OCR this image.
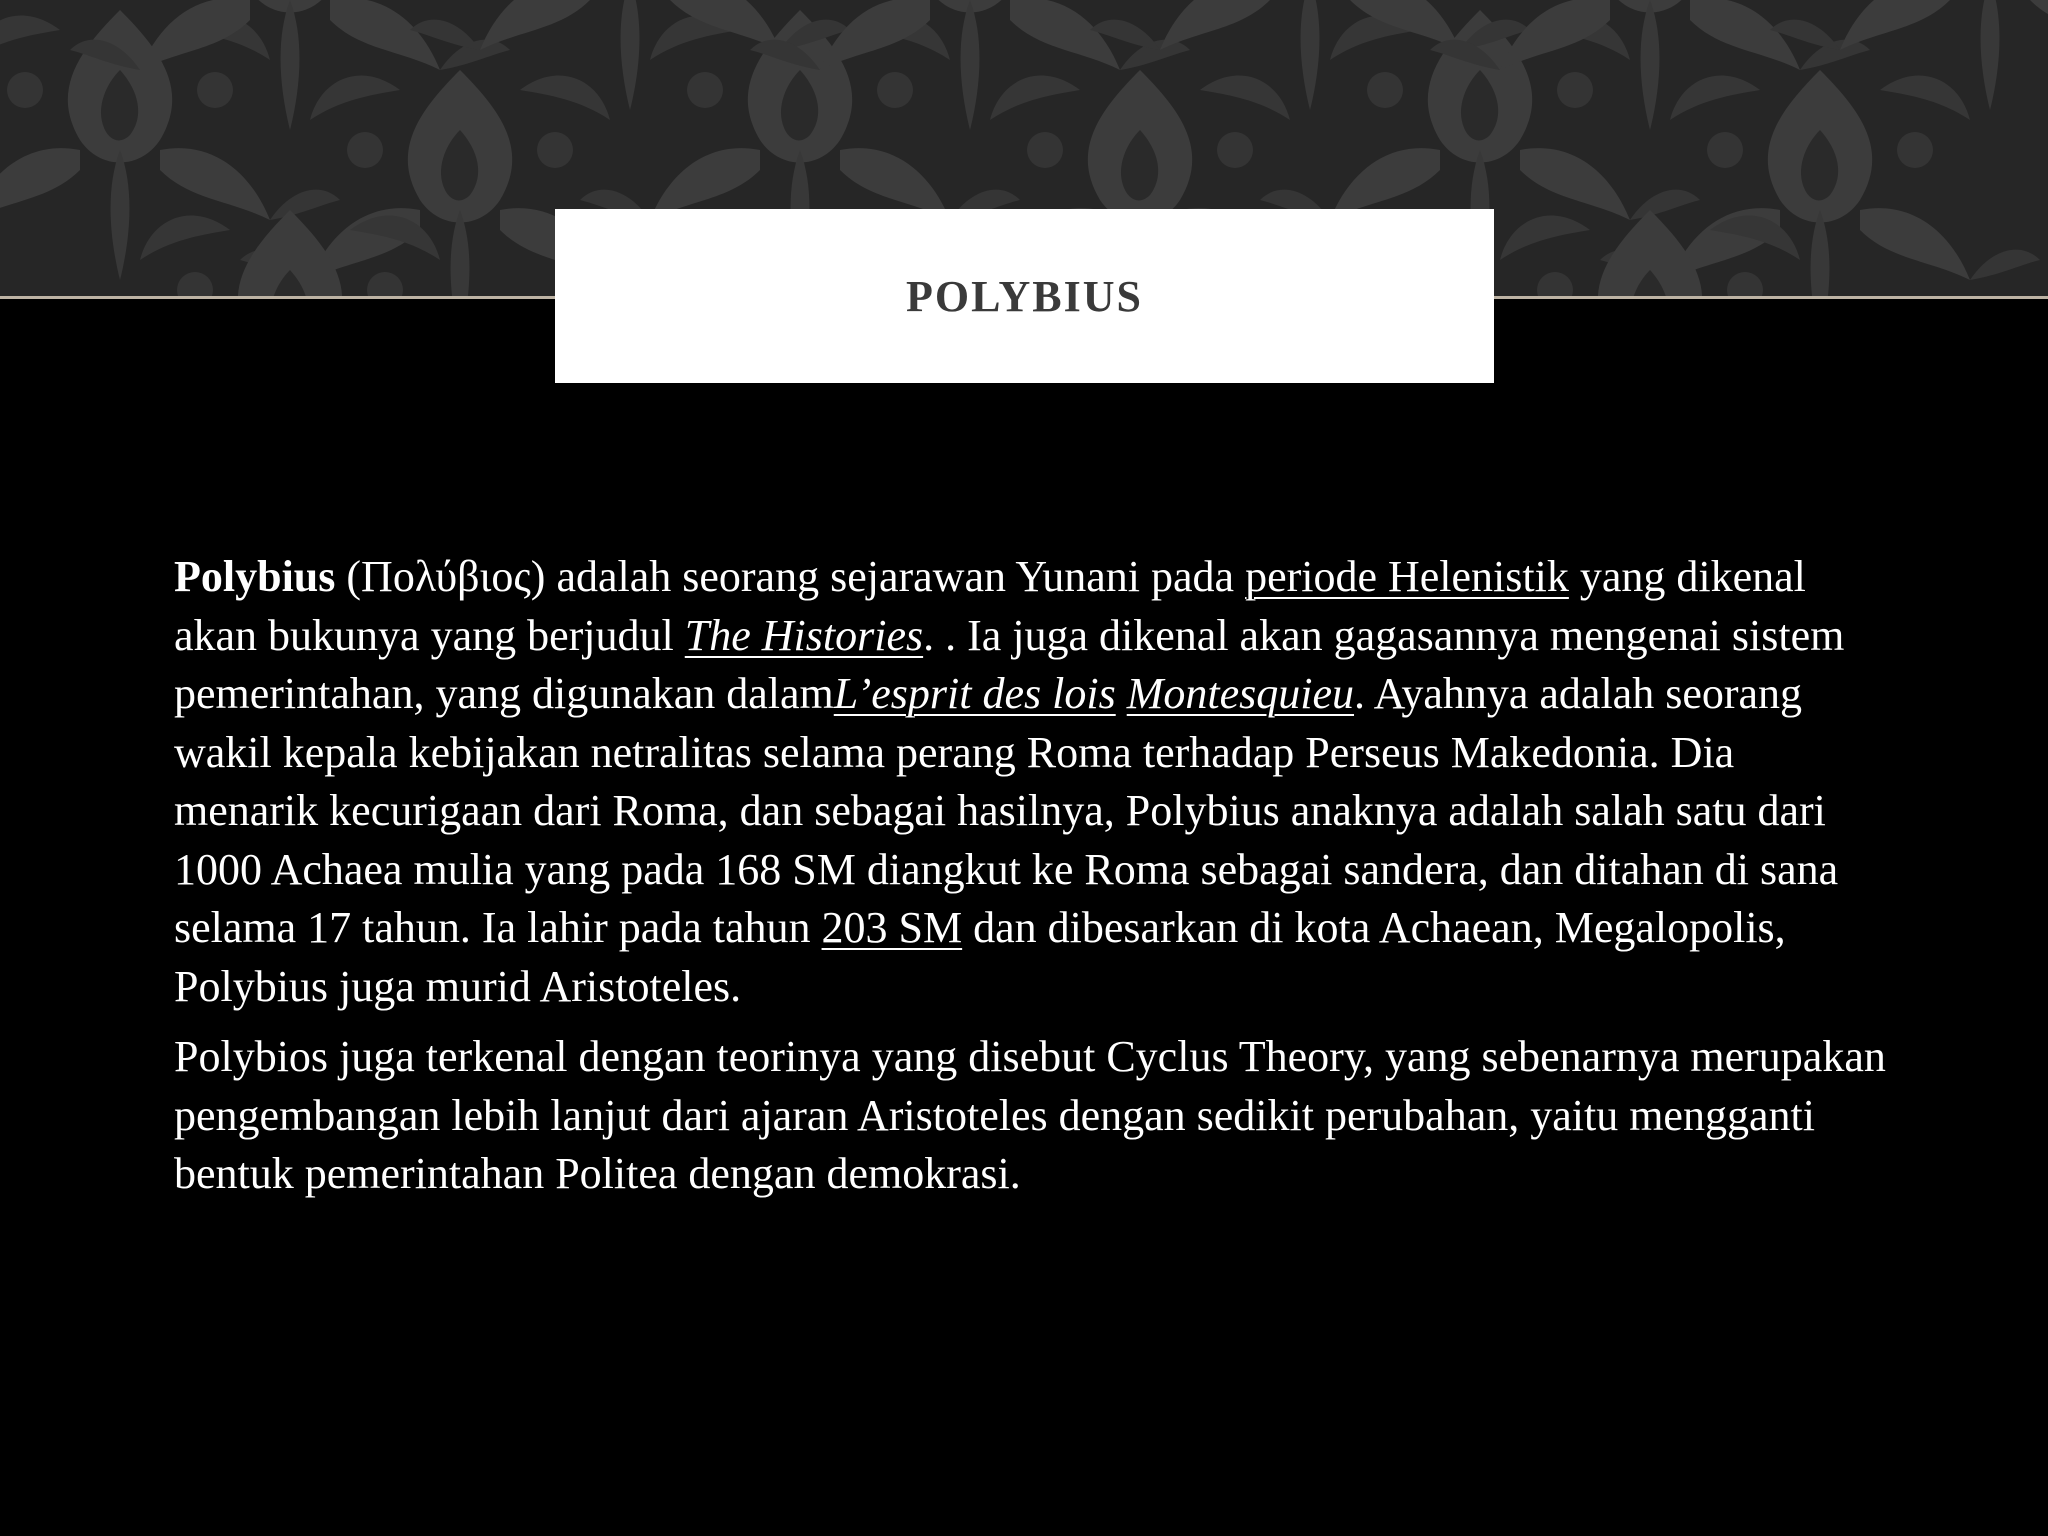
POLYBIUS

Polybius (Πολύβιος) adalah seorang sejarawan Yunani pada periode Helenistik yang dikenal akan bukunya yang berjudul The Histories. . Ia juga dikenal akan gagasannya mengenai sistem pemerintahan, yang digunakan dalamL’esprit des lois Montesquieu. Ayahnya adalah seorang wakil kepala kebijakan netralitas selama perang Roma terhadap Perseus Makedonia. Dia menarik kecurigaan dari Roma, dan sebagai hasilnya, Polybius anaknya adalah salah satu dari 1000 Achaea mulia yang pada 168 SM diangkut ke Roma sebagai sandera, dan ditahan di sana selama 17 tahun. Ia lahir pada tahun 203 SM dan dibesarkan di kota Achaean, Megalopolis, Polybius juga murid Aristoteles.

Polybios juga terkenal dengan teorinya yang disebut Cyclus Theory, yang sebenarnya merupakan pengembangan lebih lanjut dari ajaran Aristoteles dengan sedikit perubahan, yaitu mengganti bentuk pemerintahan Politea dengan demokrasi.
